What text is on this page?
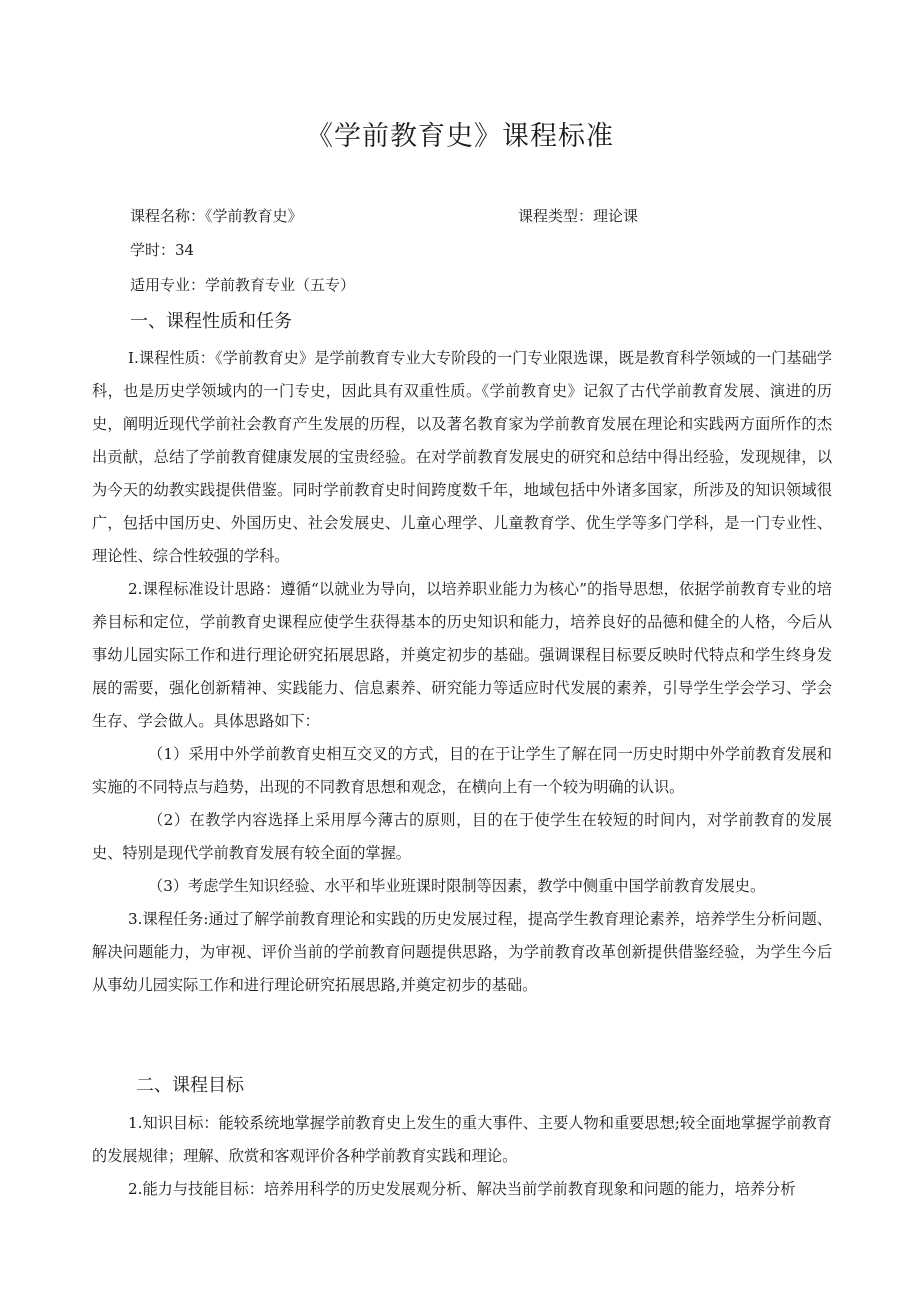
《学前教育史》课程标准
课程名称：《学前教育史》	课程类型：理论课
学时：34
适用专业：学前教育专业（五专）
一、课程性质和任务

I.课程性质：《学前教育史》是学前教育专业大专阶段的一门专业限选课，既是教育科学领域的一门基础学科，也是历史学领域内的一门专史，因此具有双重性质。《学前教育史》记叙了古代学前教育发展、演进的历史，阐明近现代学前社会教育产生发展的历程，以及著名教育家为学前教育发展在理论和实践两方面所作的杰出贡献，总结了学前教育健康发展的宝贵经验。在对学前教育发展史的研究和总结中得出经验，发现规律，以为今天的幼教实践提供借鉴。同时学前教育史时间跨度数千年，地域包括中外诸多国家，所涉及的知识领域很广，包括中国历史、外国历史、社会发展史、儿童心理学、儿童教育学、优生学等多门学科，是一门专业性、理论性、综合性较强的学科。

2.课程标准设计思路：遵循“以就业为导向，以培养职业能力为核心”的指导思想，依据学前教育专业的培养目标和定位，学前教育史课程应使学生获得基本的历史知识和能力，培养良好的品德和健全的人格，今后从事幼儿园实际工作和进行理论研究拓展思路，并奠定初步的基础。强调课程目标要反映时代特点和学生终身发展的需要，强化创新精神、实践能力、信息素养、研究能力等适应时代发展的素养，引导学生学会学习、学会生存、学会做人。具体思路如下：

（1）采用中外学前教育史相互交叉的方式，目的在于让学生了解在同一历史时期中外学前教育发展和实施的不同特点与趋势，出现的不同教育思想和观念，在横向上有一个较为明确的认识。

（2）在教学内容选择上采用厚今薄古的原则，目的在于使学生在较短的时间内，对学前教育的发展史、特别是现代学前教育发展有较全面的掌握。

（3）考虑学生知识经验、水平和毕业班课时限制等因素，教学中侧重中国学前教育发展史。

3.课程任务:通过了解学前教育理论和实践的历史发展过程，提高学生教育理论素养，培养学生分析问题、解决问题能力，为审视、评价当前的学前教育问题提供思路，为学前教育改革创新提供借鉴经验，为学生今后从事幼儿园实际工作和进行理论研究拓展思路,并奠定初步的基础。

二、课程目标

1.知识目标：能较系统地掌握学前教育史上发生的重大事件、主要人物和重要思想;较全面地掌握学前教育的发展规律；理解、欣赏和客观评价各种学前教育实践和理论。

2.能力与技能目标：培养用科学的历史发展观分析、解决当前学前教育现象和问题的能力，培养分析
